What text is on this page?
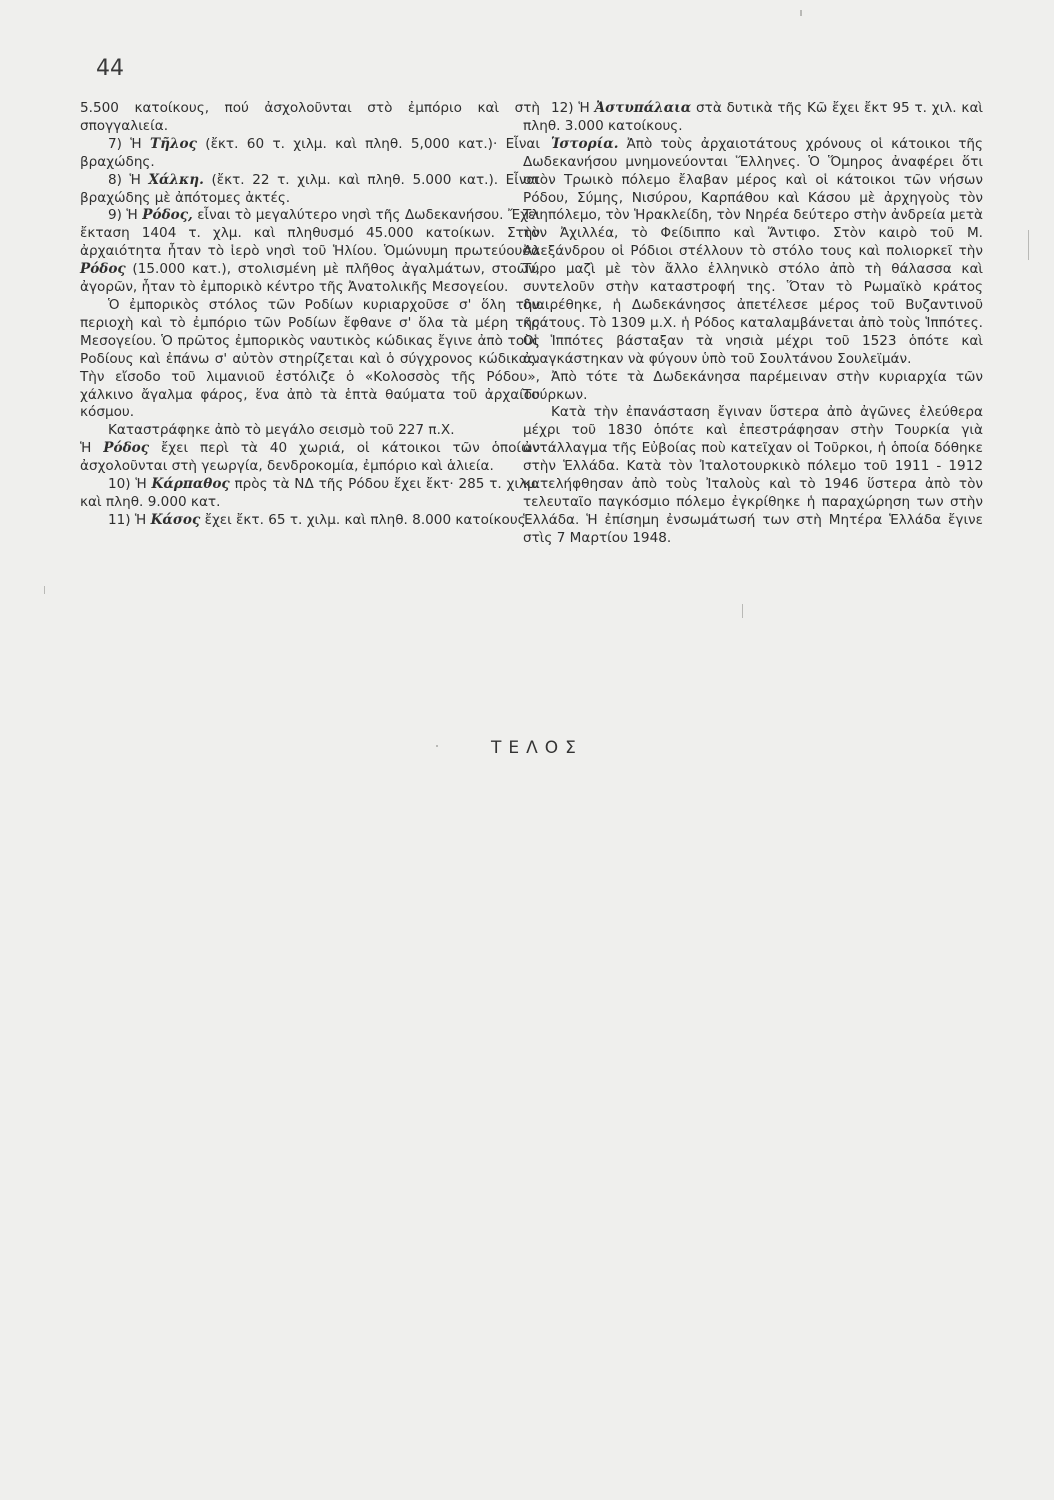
44

5.500 κατοίκους, πού ἀσχολοῦνται στὸ ἐμπόριο καὶ στὴ σπογγαλιεία.

7) Ἡ Τῆλος (ἔκτ. 60 τ. χιλμ. καὶ πληθ. 5,000 κατ.)· Εἶναι βραχώδης.

8) Ἡ Χάλκη. (ἔκτ. 22 τ. χιλμ. καὶ πληθ. 5.000 κατ.). Εἶναι βραχώδης μὲ ἀπότομες ἀκτές.

9) Ἡ Ρόδος, εἶναι τὸ μεγαλύτερο νησὶ τῆς Δωδεκανήσου. Ἔχει ἔκταση 1404 τ. χλμ. καὶ πληθυσμό 45.000 κατοίκων. Στὴν ἀρχαιότητα ἦταν τὸ ἱερὸ νησὶ τοῦ Ἡλίου. Ὁμώνυμη πρωτεύουσα Ρόδος (15.000 κατ.), στολισμένη μὲ πλῆθος ἀγαλμάτων, στοῶν, ἀγορῶν, ἦταν τὸ ἐμπορικὸ κέντρο τῆς Ἀνατολικῆς Μεσογείου.

Ὁ ἐμπορικὸς στόλος τῶν Ροδίων κυριαρχοῦσε σ' ὅλη τὴν περιοχὴ καὶ τὸ ἐμπόριο τῶν Ροδίων ἔφθανε σ' ὅλα τὰ μέρη τῆς Μεσογείου. Ὁ πρῶτος ἐμπορικὸς ναυτικὸς κώδικας ἔγινε ἀπὸ τοὺς Ροδίους καὶ ἐπάνω σ' αὐτὸν στηρίζεται καὶ ὁ σύγχρονος κώδικας. Τὴν εἴσοδο τοῦ λιμανιοῦ ἐστόλιζε ὁ «Κολοσσὸς τῆς Ρόδου», χάλκινο ἄγαλμα φάρος, ἕνα ἀπὸ τὰ ἑπτὰ θαύματα τοῦ ἀρχαίου κόσμου.

Καταστράφηκε ἀπὸ τὸ μεγάλο σεισμὸ τοῦ 227 π.Χ.

Ἡ Ρόδος ἔχει περὶ τὰ 40 χωριά, οἱ κάτοικοι τῶν ὁποίων ἀσχολοῦνται στὴ γεωργία, δενδροκομία, ἐμπόριο καὶ ἁλιεία.

10) Ἡ Κάρπαθος πρὸς τὰ ΝΔ τῆς Ρόδου ἔχει ἔκτ· 285 τ. χιλμ. καὶ πληθ. 9.000 κατ.

11) Ἡ Κάσος ἔχει ἔκτ. 65 τ. χιλμ. καὶ πληθ. 8.000 κατοίκους.

12) Ἡ Ἀστυπάλαια στὰ δυτικὰ τῆς Κῶ ἔχει ἔκτ 95 τ. χιλ. καὶ πληθ. 3.000 κατοίκους.

Ἱστορία. Ἀπὸ τοὺς ἀρχαιοτάτους χρόνους οἱ κάτοικοι τῆς Δωδεκανήσου μνημονεύονται Ἕλληνες. Ὁ Ὅμηρος ἀναφέρει ὅτι στὸν Τρωικὸ πόλεμο ἔλαβαν μέρος καὶ οἱ κάτοικοι τῶν νήσων Ρόδου, Σύμης, Νισύρου, Καρπάθου καὶ Κάσου μὲ ἀρχηγοὺς τὸν Τληπόλεμο, τὸν Ἡρακλείδη, τὸν Νηρέα δεύτερο στὴν ἀνδρεία μετὰ τὸν Ἀχιλλέα, τὸ Φείδιππο καὶ Ἄντιφο. Στὸν καιρὸ τοῦ Μ. Ἀλεξάνδρου οἱ Ρόδιοι στέλλουν τὸ στόλο τους καὶ πολιορκεῖ τὴν Τύρο μαζὶ μὲ τὸν ἄλλο ἑλληνικὸ στόλο ἀπὸ τὴ θάλασσα καὶ συντελοῦν στὴν καταστροφή της. Ὅταν τὸ Ρωμαϊκὸ κράτος διαιρέθηκε, ἡ Δωδεκάνησος ἀπετέλεσε μέρος τοῦ Βυζαντινοῦ κράτους. Τὸ 1309 μ.Χ. ἡ Ρόδος καταλαμβάνεται ἀπὸ τοὺς Ἱππότες. Οἱ Ἱππότες βάσταξαν τὰ νησιὰ μέχρι τοῦ 1523 ὁπότε καὶ ἀναγκάστηκαν νὰ φύγουν ὑπὸ τοῦ Σουλτάνου Σουλεϊμάν.

Ἀπὸ τότε τὰ Δωδεκάνησα παρέμειναν στὴν κυριαρχία τῶν Τούρκων.

Κατὰ τὴν ἐπανάσταση ἔγιναν ὕστερα ἀπὸ ἀγῶνες ἐλεύθερα μέχρι τοῦ 1830 ὁπότε καὶ ἐπεστράφησαν στὴν Τουρκία γιὰ ἀντάλλαγμα τῆς Εὐβοίας ποὺ κατεῖχαν οἱ Τοῦρκοι, ἡ ὁποία δόθηκε στὴν Ἑλλάδα. Κατὰ τὸν Ἰταλοτουρκικὸ πόλεμο τοῦ 1911 - 1912 κατελήφθησαν ἀπὸ τοὺς Ἰταλοὺς καὶ τὸ 1946 ὕστερα ἀπὸ τὸν τελευταῖο παγκόσμιο πόλεμο ἐγκρίθηκε ἡ παραχώρηση των στὴν Ἑλλάδα. Ἡ ἐπίσημη ἐνσωμάτωσή των στὴ Μητέρα Ἑλλάδα ἔγινε στὶς 7 Μαρτίου 1948.

ΤΕΛΟΣ
